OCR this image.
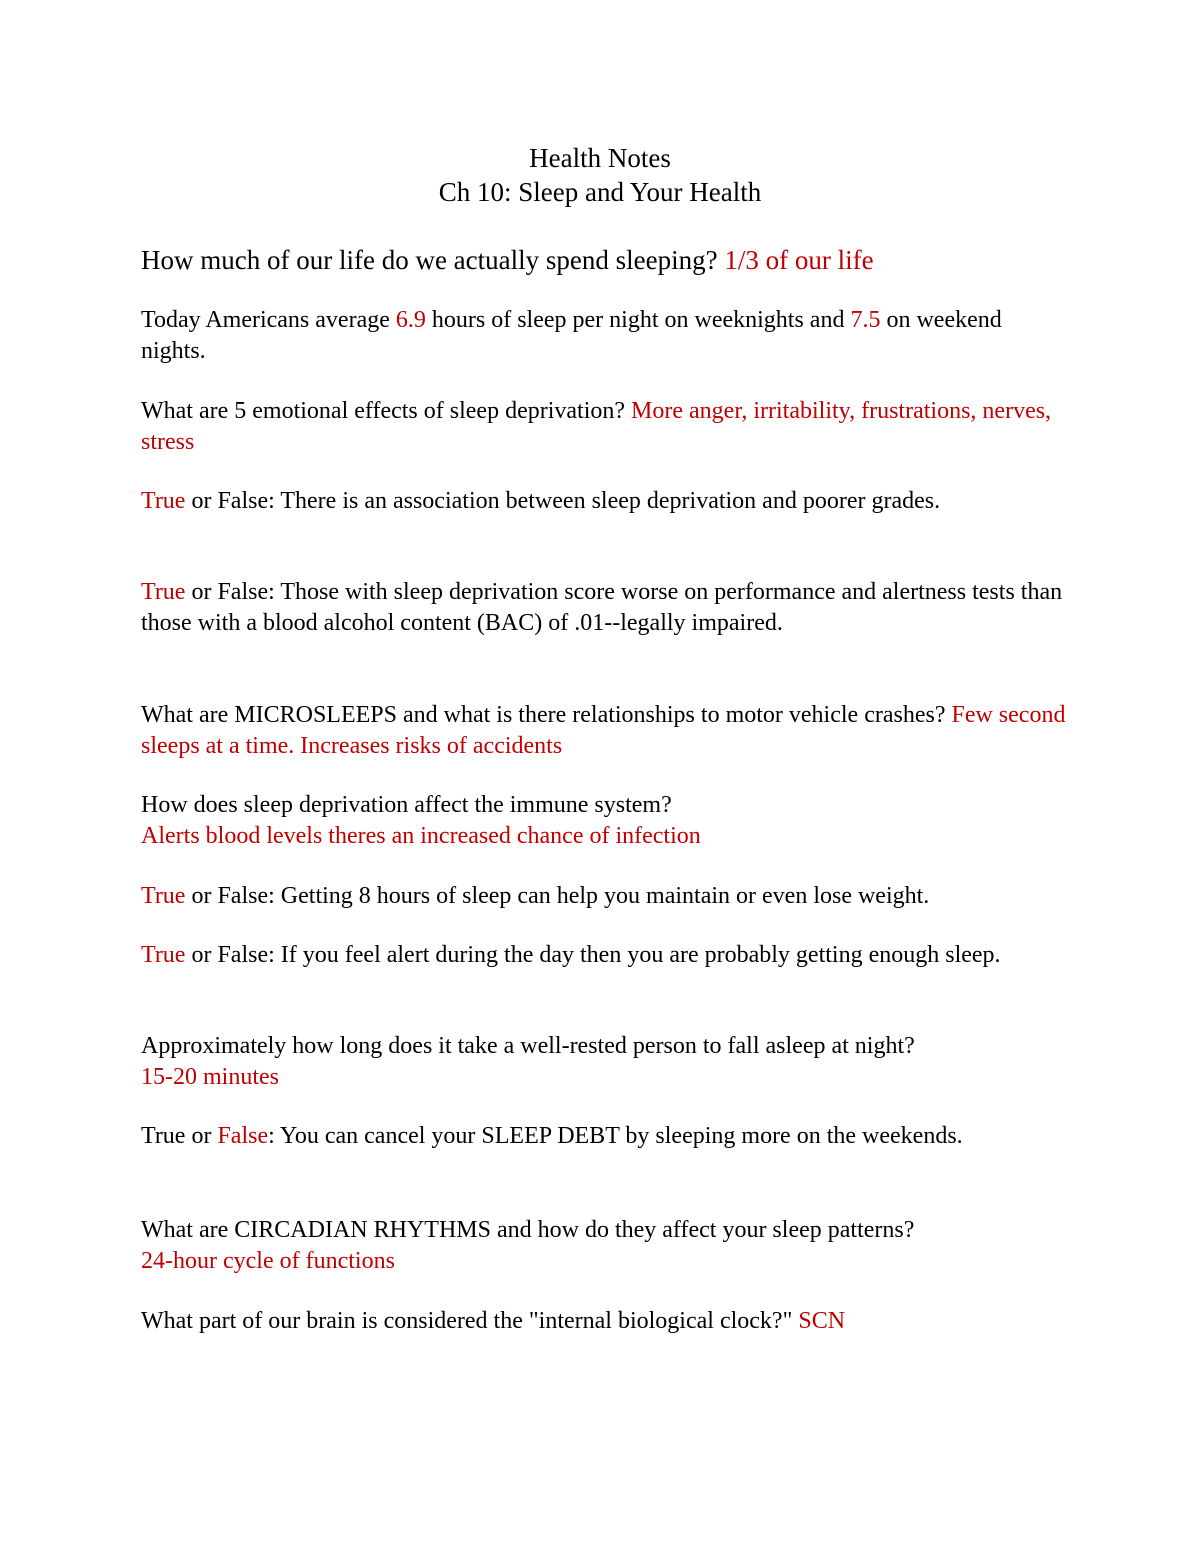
Health Notes
Ch 10: Sleep and Your Health
How much of our life do we actually spend sleeping? 1/3 of our life
Today Americans average 6.9 hours of sleep per night on weeknights and 7.5 on weekend nights.
What are 5 emotional effects of sleep deprivation? More anger, irritability, frustrations, nerves, stress
True or False: There is an association between sleep deprivation and poorer grades.
True or False: Those with sleep deprivation score worse on performance and alertness tests than those with a blood alcohol content (BAC) of .01--legally impaired.
What are MICROSLEEPS and what is there relationships to motor vehicle crashes? Few second sleeps at a time. Increases risks of accidents
How does sleep deprivation affect the immune system?
Alerts blood levels theres an increased chance of infection
True or False: Getting 8 hours of sleep can help you maintain or even lose weight.
True or False: If you feel alert during the day then you are probably getting enough sleep.
Approximately how long does it take a well-rested person to fall asleep at night?
15-20 minutes
True or False: You can cancel your SLEEP DEBT by sleeping more on the weekends.
What are CIRCADIAN RHYTHMS and how do they affect your sleep patterns?
24-hour cycle of functions
What part of our brain is considered the "internal biological clock?" SCN
